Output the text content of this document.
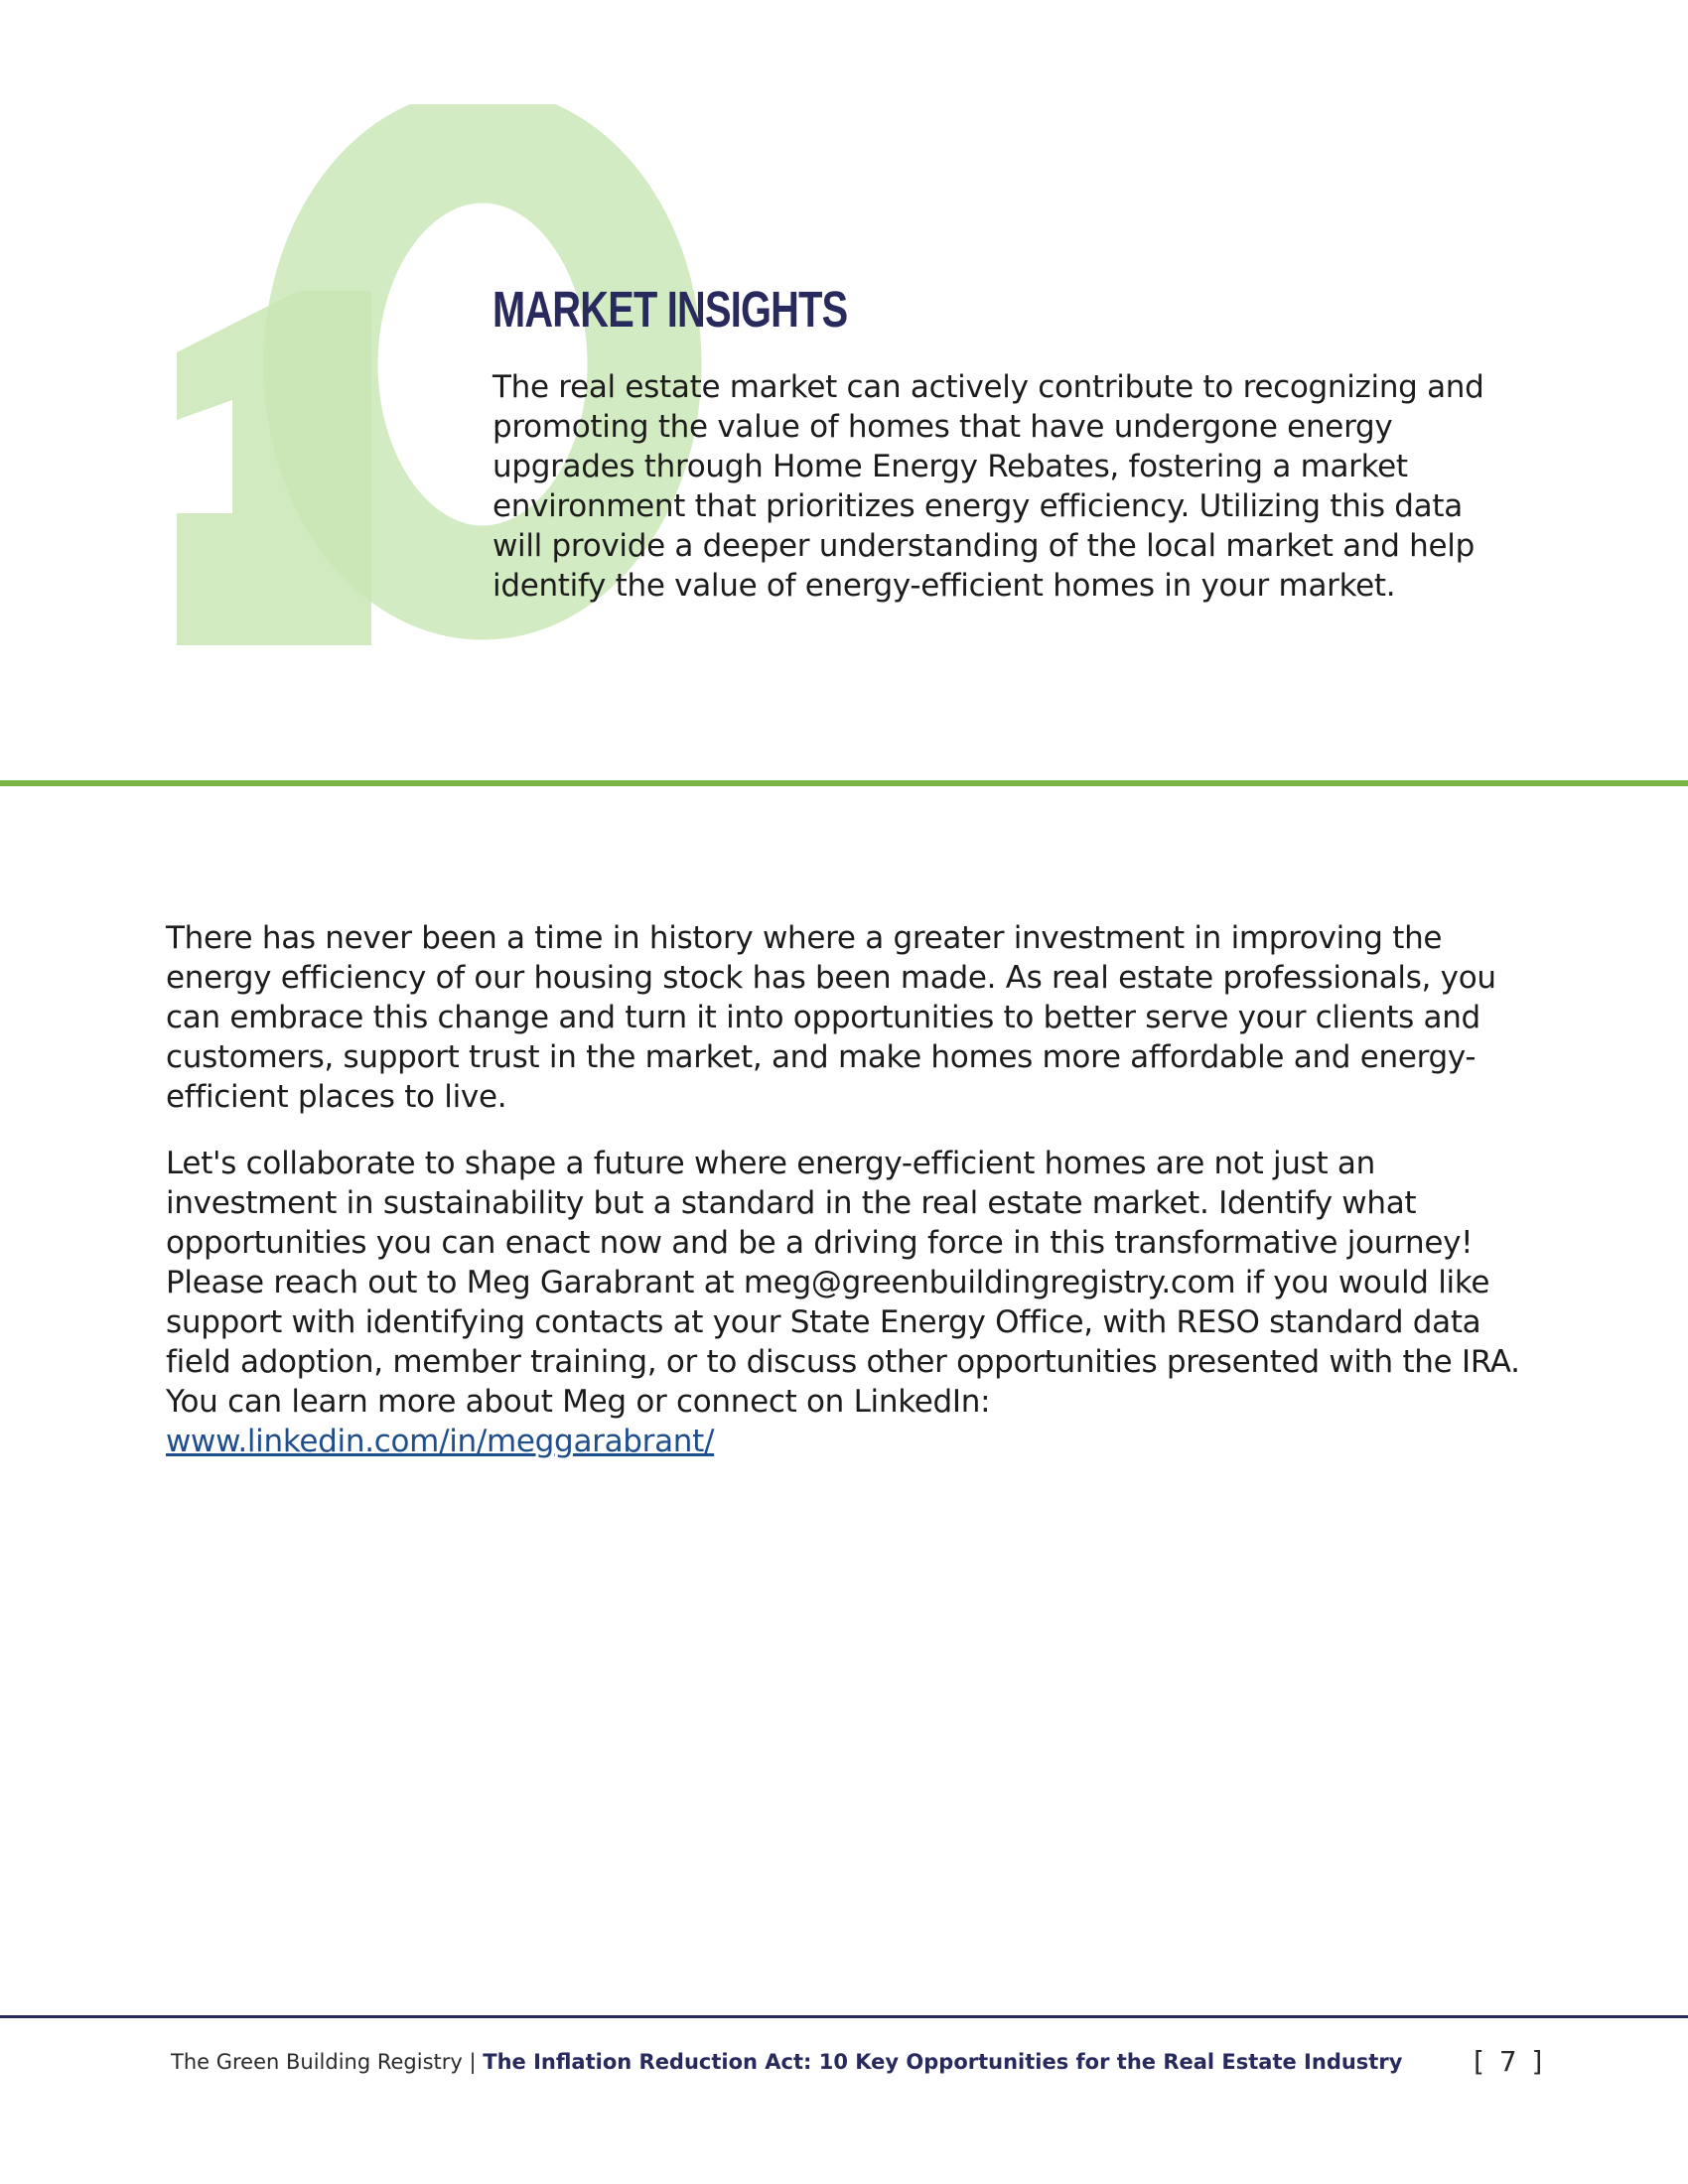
MARKET INSIGHTS

The real estate market can actively contribute to recognizing and promoting the value of homes that have undergone energy upgrades through Home Energy Rebates, fostering a market environment that prioritizes energy efficiency. Utilizing this data will provide a deeper understanding of the local market and help identify the value of energy-efficient homes in your market.

There has never been a time in history where a greater investment in improving the energy efficiency of our housing stock has been made. As real estate professionals, you can embrace this change and turn it into opportunities to better serve your clients and customers, support trust in the market, and make homes more affordable and energy-efficient places to live.

Let's collaborate to shape a future where energy-efficient homes are not just an investment in sustainability but a standard in the real estate market. Identify what opportunities you can enact now and be a driving force in this transformative journey! Please reach out to Meg Garabrant at meg@greenbuildingregistry.com if you would like support with identifying contacts at your State Energy Office, with RESO standard data field adoption, member training, or to discuss other opportunities presented with the IRA. You can learn more about Meg or connect on LinkedIn: www.linkedin.com/in/meggarabrant/

The Green Building Registry | The Inflation Reduction Act: 10 Key Opportunities for the Real Estate Industry	[ 7 ]
